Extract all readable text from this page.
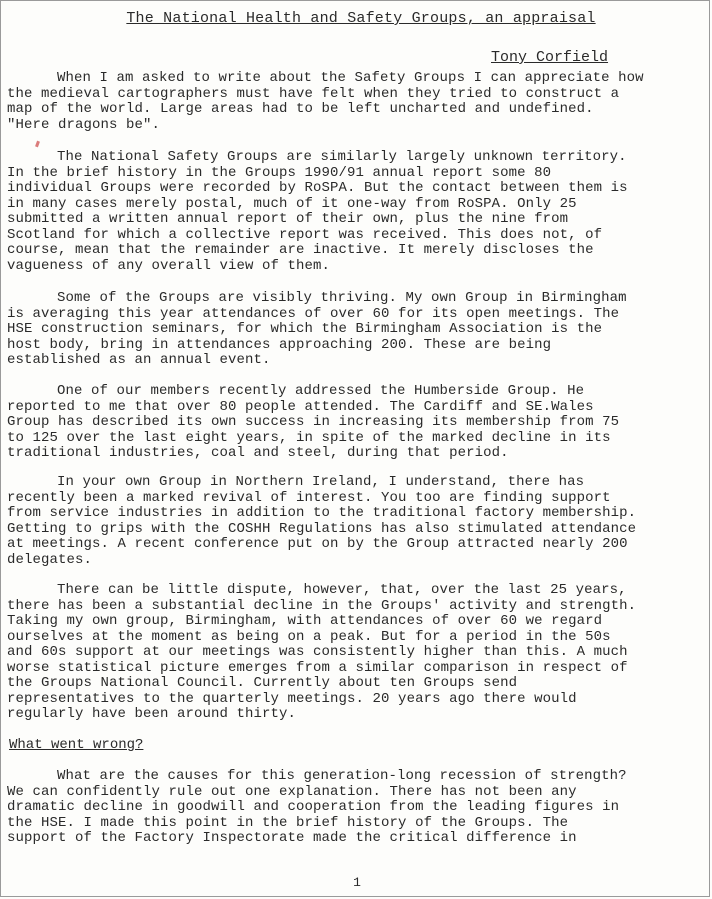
The National Health and Safety Groups, an appraisal
Tony Corfield
When I am asked to write about the Safety Groups I can appreciate how
the medieval cartographers must have felt when they tried to construct a
map of the world. Large areas had to be left uncharted and undefined.
"Here dragons be".
The National Safety Groups are similarly largely unknown territory.
In the brief history in the Groups 1990/91 annual report some 80
individual Groups were recorded by RoSPA. But the contact between them is
in many cases merely postal, much of it one-way from RoSPA. Only 25
submitted a written annual report of their own, plus the nine from
Scotland for which a collective report was received. This does not, of
course, mean that the remainder are inactive. It merely discloses the
vagueness of any overall view of them.
Some of the Groups are visibly thriving. My own Group in Birmingham
is averaging this year attendances of over 60 for its open meetings. The
HSE construction seminars, for which the Birmingham Association is the
host body, bring in attendances approaching 200. These are being
established as an annual event.
One of our members recently addressed the Humberside Group. He
reported to me that over 80 people attended. The Cardiff and SE.Wales
Group has described its own success in increasing its membership from 75
to 125 over the last eight years, in spite of the marked decline in its
traditional industries, coal and steel, during that period.
In your own Group in Northern Ireland, I understand, there has
recently been a marked revival of interest. You too are finding support
from service industries in addition to the traditional factory membership.
Getting to grips with the COSHH Regulations has also stimulated attendance
at meetings. A recent conference put on by the Group attracted nearly 200
delegates.
There can be little dispute, however, that, over the last 25 years,
there has been a substantial decline in the Groups' activity and strength.
Taking my own group, Birmingham, with attendances of over 60 we regard
ourselves at the moment as being on a peak. But for a period in the 50s
and 60s support at our meetings was consistently higher than this. A much
worse statistical picture emerges from a similar comparison in respect of
the Groups National Council. Currently about ten Groups send
representatives to the quarterly meetings. 20 years ago there would
regularly have been around thirty.
What went wrong?
What are the causes for this generation-long recession of strength?
We can confidently rule out one explanation. There has not been any
dramatic decline in goodwill and cooperation from the leading figures in
the HSE. I made this point in the brief history of the Groups. The
support of the Factory Inspectorate made the critical difference in
1
